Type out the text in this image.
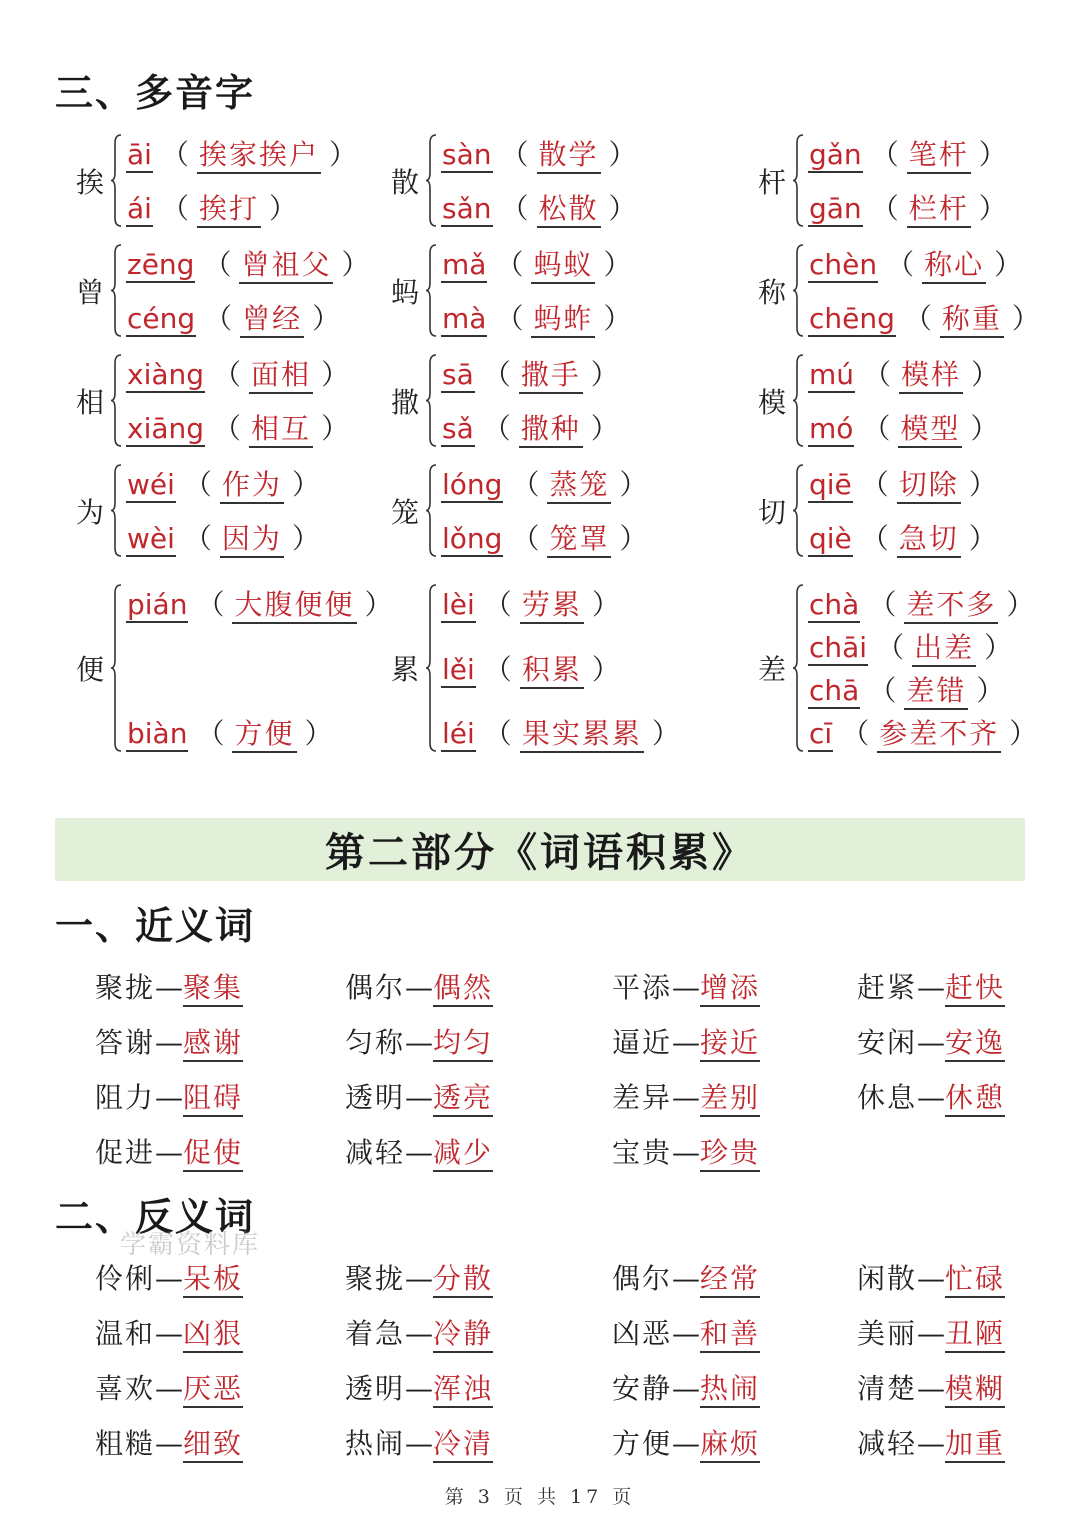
三、多音字
挨
āi （ 挨家挨户 ）
ái （ 挨打 ）
散
sàn （ 散学 ）
sǎn （ 松散 ）
杆
gǎn （ 笔杆 ）
gān （ 栏杆 ）
曾
zēng （ 曾祖父 ）
céng （ 曾经 ）
蚂
mǎ （ 蚂蚁 ）
mà （ 蚂蚱 ）
称
chèn （ 称心 ）
chēng （ 称重 ）
相
xiàng （ 面相 ）
xiāng （ 相互 ）
撒
sā （ 撒手 ）
sǎ （ 撒种 ）
模
mú （ 模样 ）
mó （ 模型 ）
为
wéi （ 作为 ）
wèi （ 因为 ）
笼
lóng （ 蒸笼 ）
lǒng （ 笼罩 ）
切
qiē （ 切除 ）
qiè （ 急切 ）
便
pián （ 大腹便便 ）
biàn （ 方便 ）
累
lèi （ 劳累 ）
lěi （ 积累 ）
léi （ 果实累累 ）
差
chà （ 差不多 ）
chāi （ 出差 ）
chā （ 差错 ）
cī （ 参差不齐 ）
第二部分《词语积累》
一、近义词
聚拢 — 聚集	偶尔 — 偶然	平添 — 增添	赶紧 — 赶快
答谢 — 感谢	匀称 — 均匀	逼近 — 接近	安闲 — 安逸
阻力 — 阻碍	透明 — 透亮	差异 — 差别	休息 — 休憩
促进 — 促使	减轻 — 减少	宝贵 — 珍贵
二、反义词
学霸资料库
伶俐 — 呆板	聚拢 — 分散	偶尔 — 经常	闲散 — 忙碌
温和 — 凶狠	着急 — 冷静	凶恶 — 和善	美丽 — 丑陋
喜欢 — 厌恶	透明 — 浑浊	安静 — 热闹	清楚 — 模糊
粗糙 — 细致	热闹 — 冷清	方便 — 麻烦	减轻 — 加重
第 3 页 共 17 页
